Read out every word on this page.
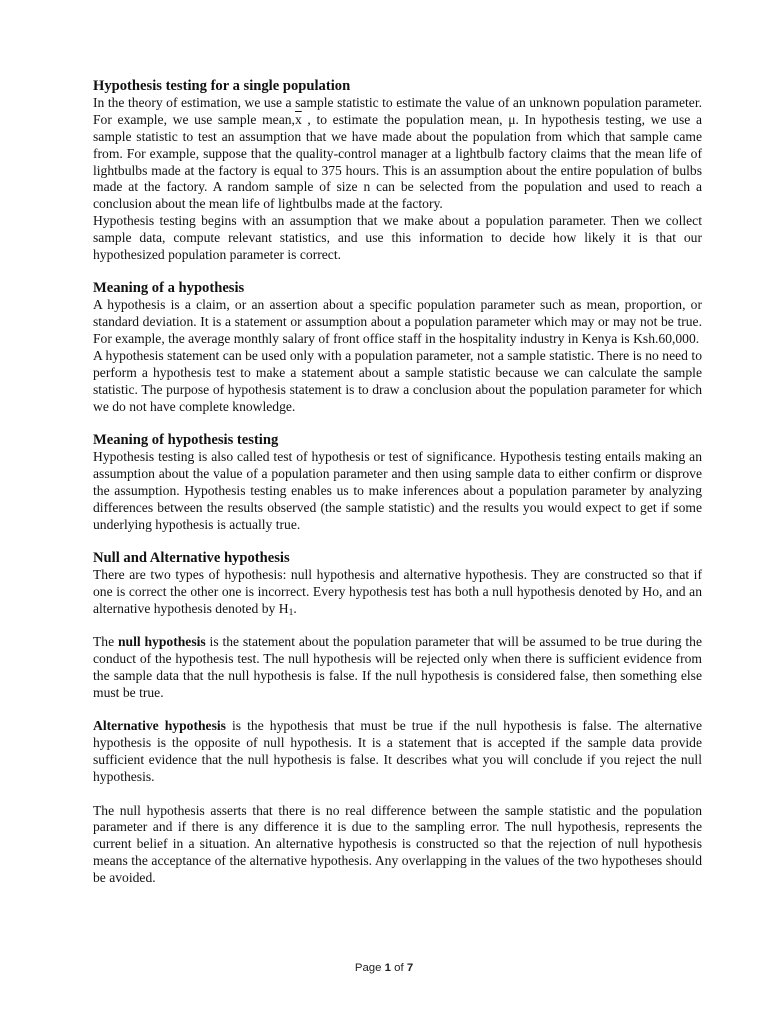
Hypothesis testing for a single population

In the theory of estimation, we use a sample statistic to estimate the value of an unknown population parameter. For example, we use sample $mean,\overline{x}$ , to estimate the population mean, μ. In hypothesis testing, we use a sample statistic to test an assumption that we have made about the population from which that sample came from. For example, suppose that the quality-control manager at a lightbulb factory claims that the mean life of lightbulbs made at the factory is equal to 375 hours. This is an assumption about the entire population of bulbs made at the factory. A random sample of size n can be selected from the population and used to reach a conclusion about the mean life of lightbulbs made at the factory.

Hypothesis testing begins with an assumption that we make about a population parameter. Then we collect sample data, compute relevant statistics, and use this information to decide how likely it is that our hypothesized population parameter is correct.

Meaning of a hypothesis

A hypothesis is a claim, or an assertion about a specific population parameter such as mean, proportion, or standard deviation. It is a statement or assumption about a population parameter which may or may not be true. For example, the average monthly salary of front office staff in the hospitality industry in Kenya is Ksh.60,000.

A hypothesis statement can be used only with a population parameter, not a sample statistic. There is no need to perform a hypothesis test to make a statement about a sample statistic because we can calculate the sample statistic. The purpose of hypothesis statement is to draw a conclusion about the population parameter for which we do not have complete knowledge.

Meaning of hypothesis testing

Hypothesis testing is also called test of hypothesis or test of significance. Hypothesis testing entails making an assumption about the value of a population parameter and then using sample data to either confirm or disprove the assumption. Hypothesis testing enables us to make inferences about a population parameter by analyzing differences between the results observed (the sample statistic) and the results you would expect to get if some underlying hypothesis is actually true.

Null and Alternative hypothesis

There are two types of hypothesis: null hypothesis and alternative hypothesis. They are constructed so that if one is correct the other one is incorrect. Every hypothesis test has both a null hypothesis denoted by Ho, and an alternative hypothesis denoted by $H_1$.

The null hypothesis is the statement about the population parameter that will be assumed to be true during the conduct of the hypothesis test. The null hypothesis will be rejected only when there is sufficient evidence from the sample data that the null hypothesis is false. If the null hypothesis is considered false, then something else must be true.

Alternative hypothesis is the hypothesis that must be true if the null hypothesis is false. The alternative hypothesis is the opposite of null hypothesis. It is a statement that is accepted if the sample data provide sufficient evidence that the null hypothesis is false. It describes what you will conclude if you reject the null hypothesis.

The null hypothesis asserts that there is no real difference between the sample statistic and the population parameter and if there is any difference it is due to the sampling error. The null hypothesis, represents the current belief in a situation. An alternative hypothesis is constructed so that the rejection of null hypothesis means the acceptance of the alternative hypothesis. Any overlapping in the values of the two hypotheses should be avoided.

Page 1 of 7
